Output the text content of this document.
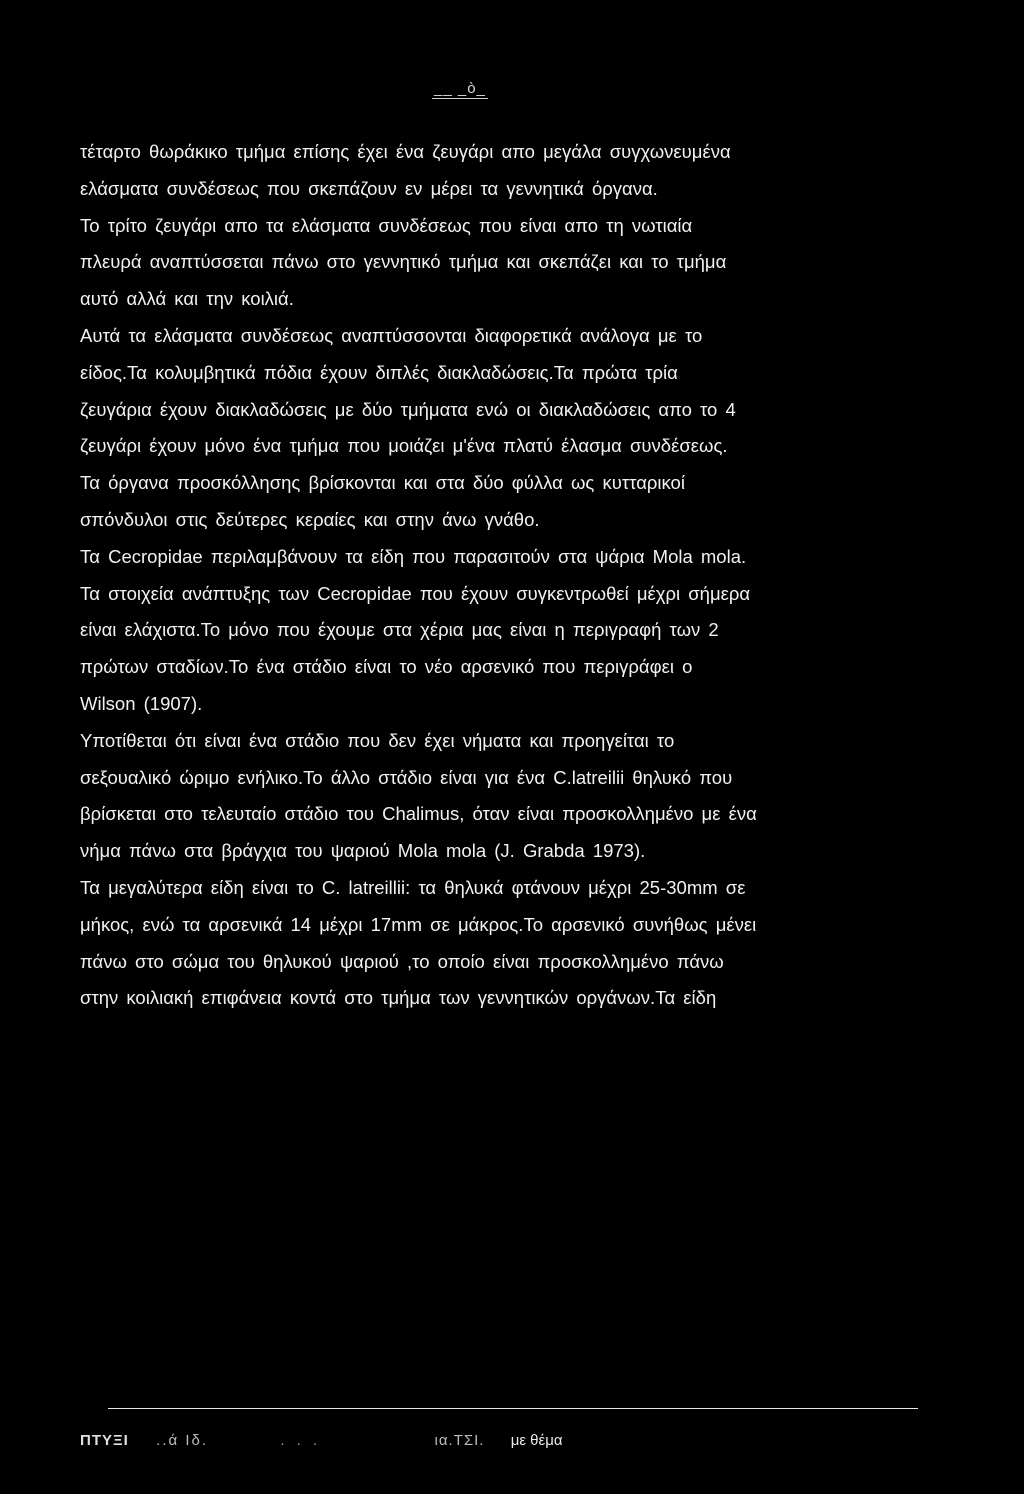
__ _ò_
τέταρτο θωράκικο τμήμα επίσης έχει ένα ζευγάρι απο μεγάλα συγχωνευμένα
ελάσματα συνδέσεως που σκεπάζουν εν μέρει τα γεννητικά όργανα.
Το τρίτο ζευγάρι απο τα ελάσματα συνδέσεως που είναι απο τη νωτιαία
πλευρά αναπτύσσεται πάνω στο γεννητικό τμήμα και σκεπάζει και το τμήμα
αυτό αλλά και την κοιλιά.
Αυτά τα ελάσματα συνδέσεως αναπτύσσονται διαφορετικά ανάλογα με το
είδος.Τα κολυμβητικά πόδια έχουν διπλές διακλαδώσεις.Τα πρώτα τρία
ζευγάρια έχουν διακλαδώσεις με δύο τμήματα ενώ οι διακλαδώσεις απο το 4
ζευγάρι έχουν μόνο ένα τμήμα που μοιάζει μ'ένα πλατύ έλασμα συνδέσεως.
Τα όργανα προσκόλλησης βρίσκονται και στα δύο φύλλα ως κυτταρικοί
σπόνδυλοι στις δεύτερες κεραίες και στην άνω γνάθο.
Τα Cecropidae περιλαμβάνουν τα είδη που παρασιτούν στα ψάρια Mola mola.
Τα στοιχεία ανάπτυξης των Cecropidae που έχουν συγκεντρωθεί μέχρι σήμερα
είναι ελάχιστα.Το μόνο που έχουμε στα χέρια μας είναι η περιγραφή των 2
πρώτων σταδίων.Το ένα στάδιο είναι το νέο αρσενικό που περιγράφει ο
Wilson (1907).
Υποτίθεται ότι είναι ένα στάδιο που δεν έχει νήματα και προηγείται το
σεξουαλικό ώριμο ενήλικο.Το άλλο στάδιο είναι για ένα C.latreilii θηλυκό που
βρίσκεται στο τελευταίο στάδιο του Chalimus, όταν είναι προσκολλημένο με ένα
νήμα πάνω στα βράγχια του ψαριού Mola mola (J. Grabda 1973).
Τα μεγαλύτερα είδη είναι το C. latreillii: τα θηλυκά φτάνουν μέχρι 25-30mm σε
μήκος, ενώ τα αρσενικά 14 μέχρι 17mm σε μάκρος.Το αρσενικό συνήθως μένει
πάνω στο σώμα του θηλυκού ψαριού ,το οποίο είναι προσκολλημένο πάνω
στην κοιλιακή επιφάνεια κοντά στο τμήμα των γεννητικών οργάνων.Τα είδη
ΠΤΥΞΙ ..ά Ιδ.	. . .	ια.ΤΣΙ. με θέμα
